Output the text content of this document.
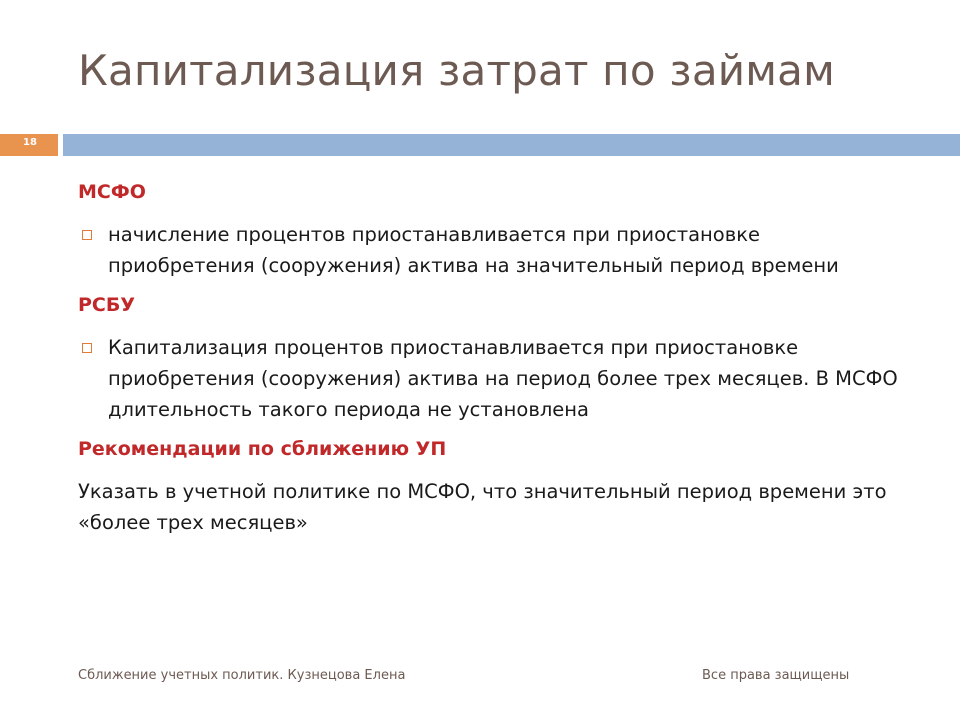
Капитализация затрат по займам
18
МСФО
начисление процентов приостанавливается при приостановке приобретения (сооружения) актива на значительный период времени
РСБУ
Капитализация процентов приостанавливается при приостановке приобретения (сооружения) актива на период более трех месяцев. В МСФО длительность такого периода не установлена
Рекомендации по сближению УП
Указать в учетной политике по МСФО, что значительный период времени это «более трех месяцев»
Сближение учетных политик. Кузнецова Елена	Все права защищены
